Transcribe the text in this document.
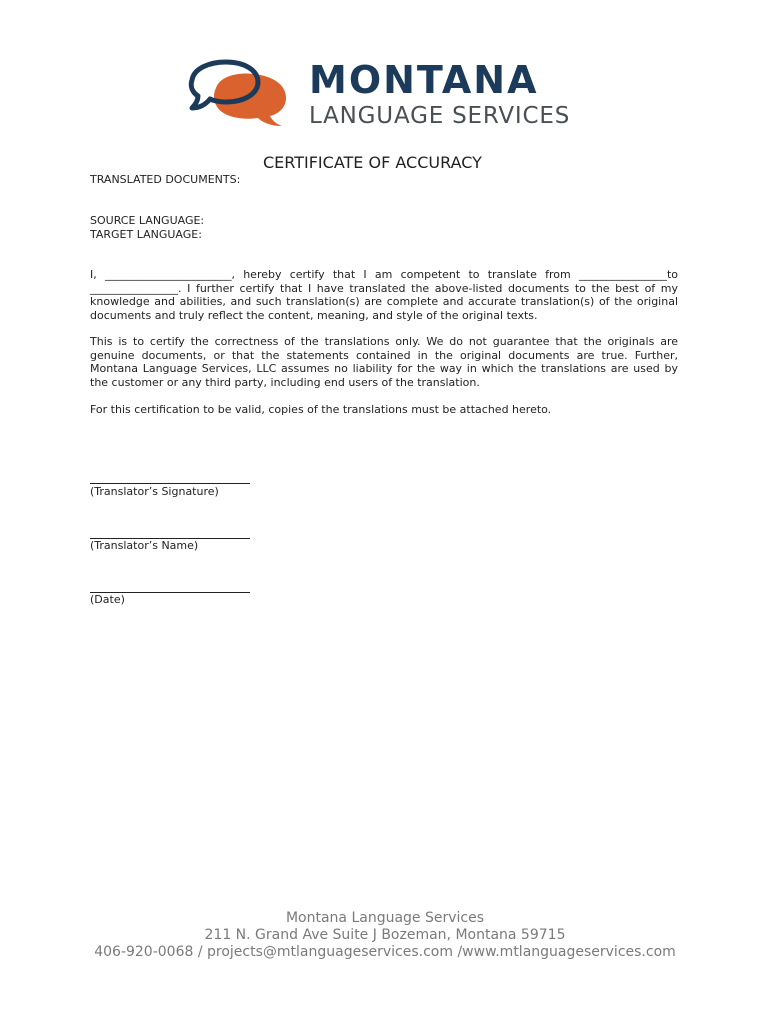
MONTANA
LANGUAGE SERVICES
CERTIFICATE OF ACCURACY
TRANSLATED DOCUMENTS:
SOURCE LANGUAGE:
TARGET LANGUAGE:

I, _______________________, hereby certify that I am competent to translate from ________________to ________________. I further certify that I have translated the above-listed documents to the best of my knowledge and abilities, and such translation(s) are complete and accurate translation(s) of the original documents and truly reflect the content, meaning, and style of the original texts.

This is to certify the correctness of the translations only. We do not guarantee that the originals are genuine documents, or that the statements contained in the original documents are true. Further, Montana Language Services, LLC assumes no liability for the way in which the translations are used by the customer or any third party, including end users of the translation.

For this certification to be valid, copies of the translations must be attached hereto.

(Translator’s Signature)
(Translator’s Name)
(Date)
Montana Language Services
211 N. Grand Ave Suite J Bozeman, Montana 59715
406-920-0068 / projects@mtlanguageservices.com /www.mtlanguageservices.com
